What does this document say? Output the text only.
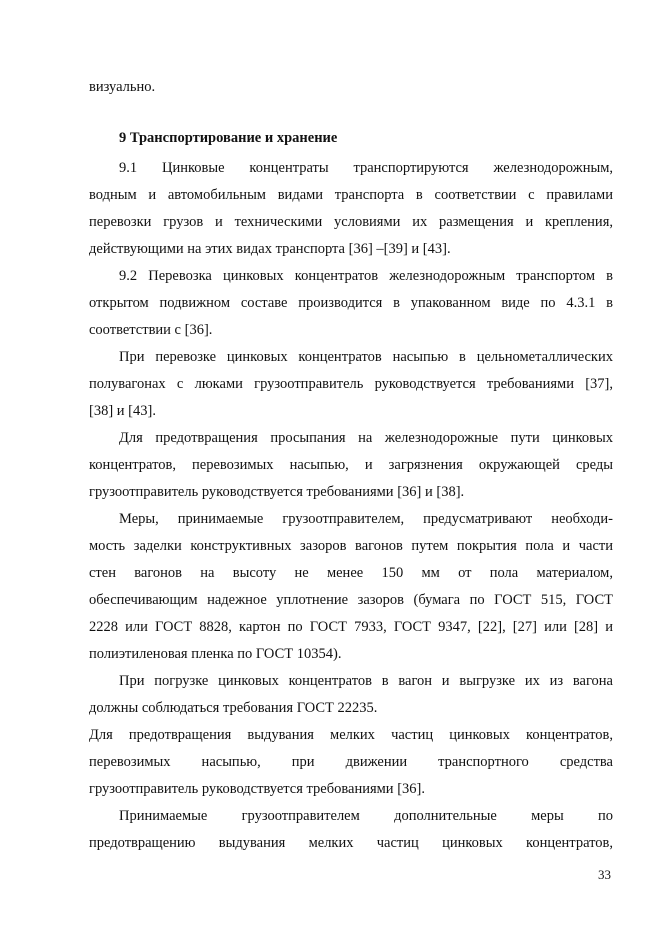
визуально.
9 Транспортирование и хранение
9.1 Цинковые концентраты транспортируются железнодорожным,
водным и автомобильным видами транспорта в соответствии с правилами
перевозки грузов и техническими условиями их размещения и крепления,
действующими на этих видах транспорта [36] –[39] и [43].
9.2 Перевозка цинковых концентратов железнодорожным транспортом в
открытом подвижном составе производится в упакованном виде по 4.3.1 в
соответствии с [36].
При перевозке цинковых концентратов насыпью в цельнометаллических
полувагонах с люками грузоотправитель руководствуется требованиями [37],
[38] и [43].
Для предотвращения просыпания на железнодорожные пути цинковых
концентратов, перевозимых насыпью, и загрязнения окружающей среды
грузоотправитель руководствуется требованиями [36] и [38].
Меры, принимаемые грузоотправителем, предусматривают необходи-
мость заделки конструктивных зазоров вагонов путем покрытия пола и части
стен вагонов на высоту не менее 150 мм от пола материалом,
обеспечивающим надежное уплотнение зазоров (бумага по ГОСТ 515, ГОСТ
2228 или ГОСТ 8828, картон по ГОСТ 7933, ГОСТ 9347, [22], [27] или [28] и
полиэтиленовая пленка по ГОСТ 10354).
При погрузке цинковых концентратов в вагон и выгрузке их из вагона
должны соблюдаться требования ГОСТ 22235.
Для предотвращения выдувания мелких частиц цинковых концентратов,
перевозимых насыпью, при движении транспортного средства
грузоотправитель руководствуется требованиями [36].
Принимаемые грузоотправителем дополнительные меры по
предотвращению выдувания мелких частиц цинковых концентратов,
33
